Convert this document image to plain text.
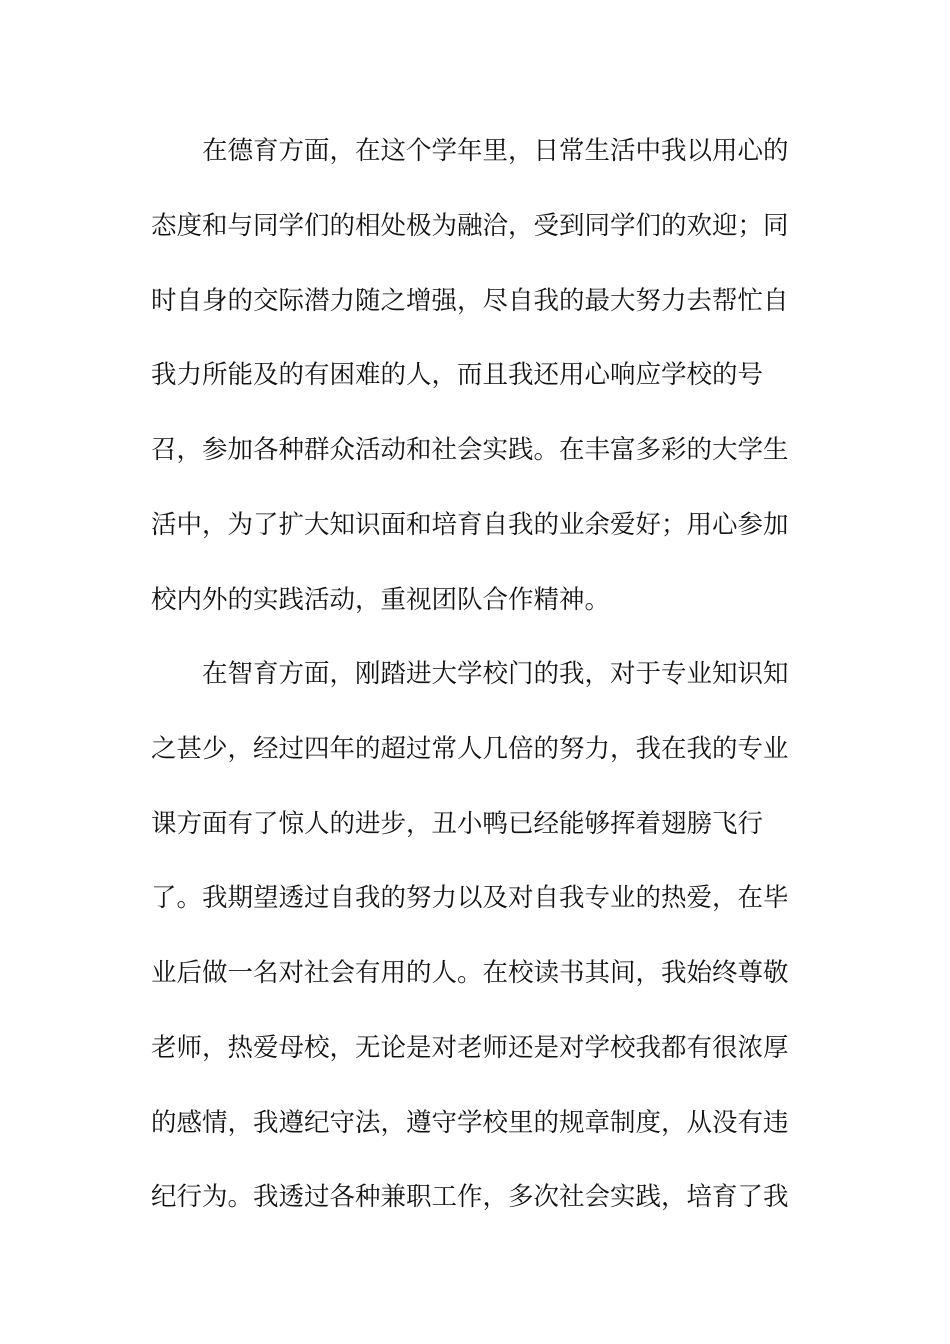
在德育方面，在这个学年里，日常生活中我以用心的
态度和与同学们的相处极为融洽，受到同学们的欢迎；同
时自身的交际潜力随之增强，尽自我的最大努力去帮忙自
我力所能及的有困难的人，而且我还用心响应学校的号
召，参加各种群众活动和社会实践。在丰富多彩的大学生
活中，为了扩大知识面和培育自我的业余爱好；用心参加
校内外的实践活动，重视团队合作精神。
在智育方面，刚踏进大学校门的我，对于专业知识知
之甚少，经过四年的超过常人几倍的努力，我在我的专业
课方面有了惊人的进步，丑小鸭已经能够挥着翅膀飞行
了。我期望透过自我的努力以及对自我专业的热爱，在毕
业后做一名对社会有用的人。在校读书其间，我始终尊敬
老师，热爱母校，无论是对老师还是对学校我都有很浓厚
的感情，我遵纪守法，遵守学校里的规章制度，从没有违
纪行为。我透过各种兼职工作，多次社会实践，培育了我
